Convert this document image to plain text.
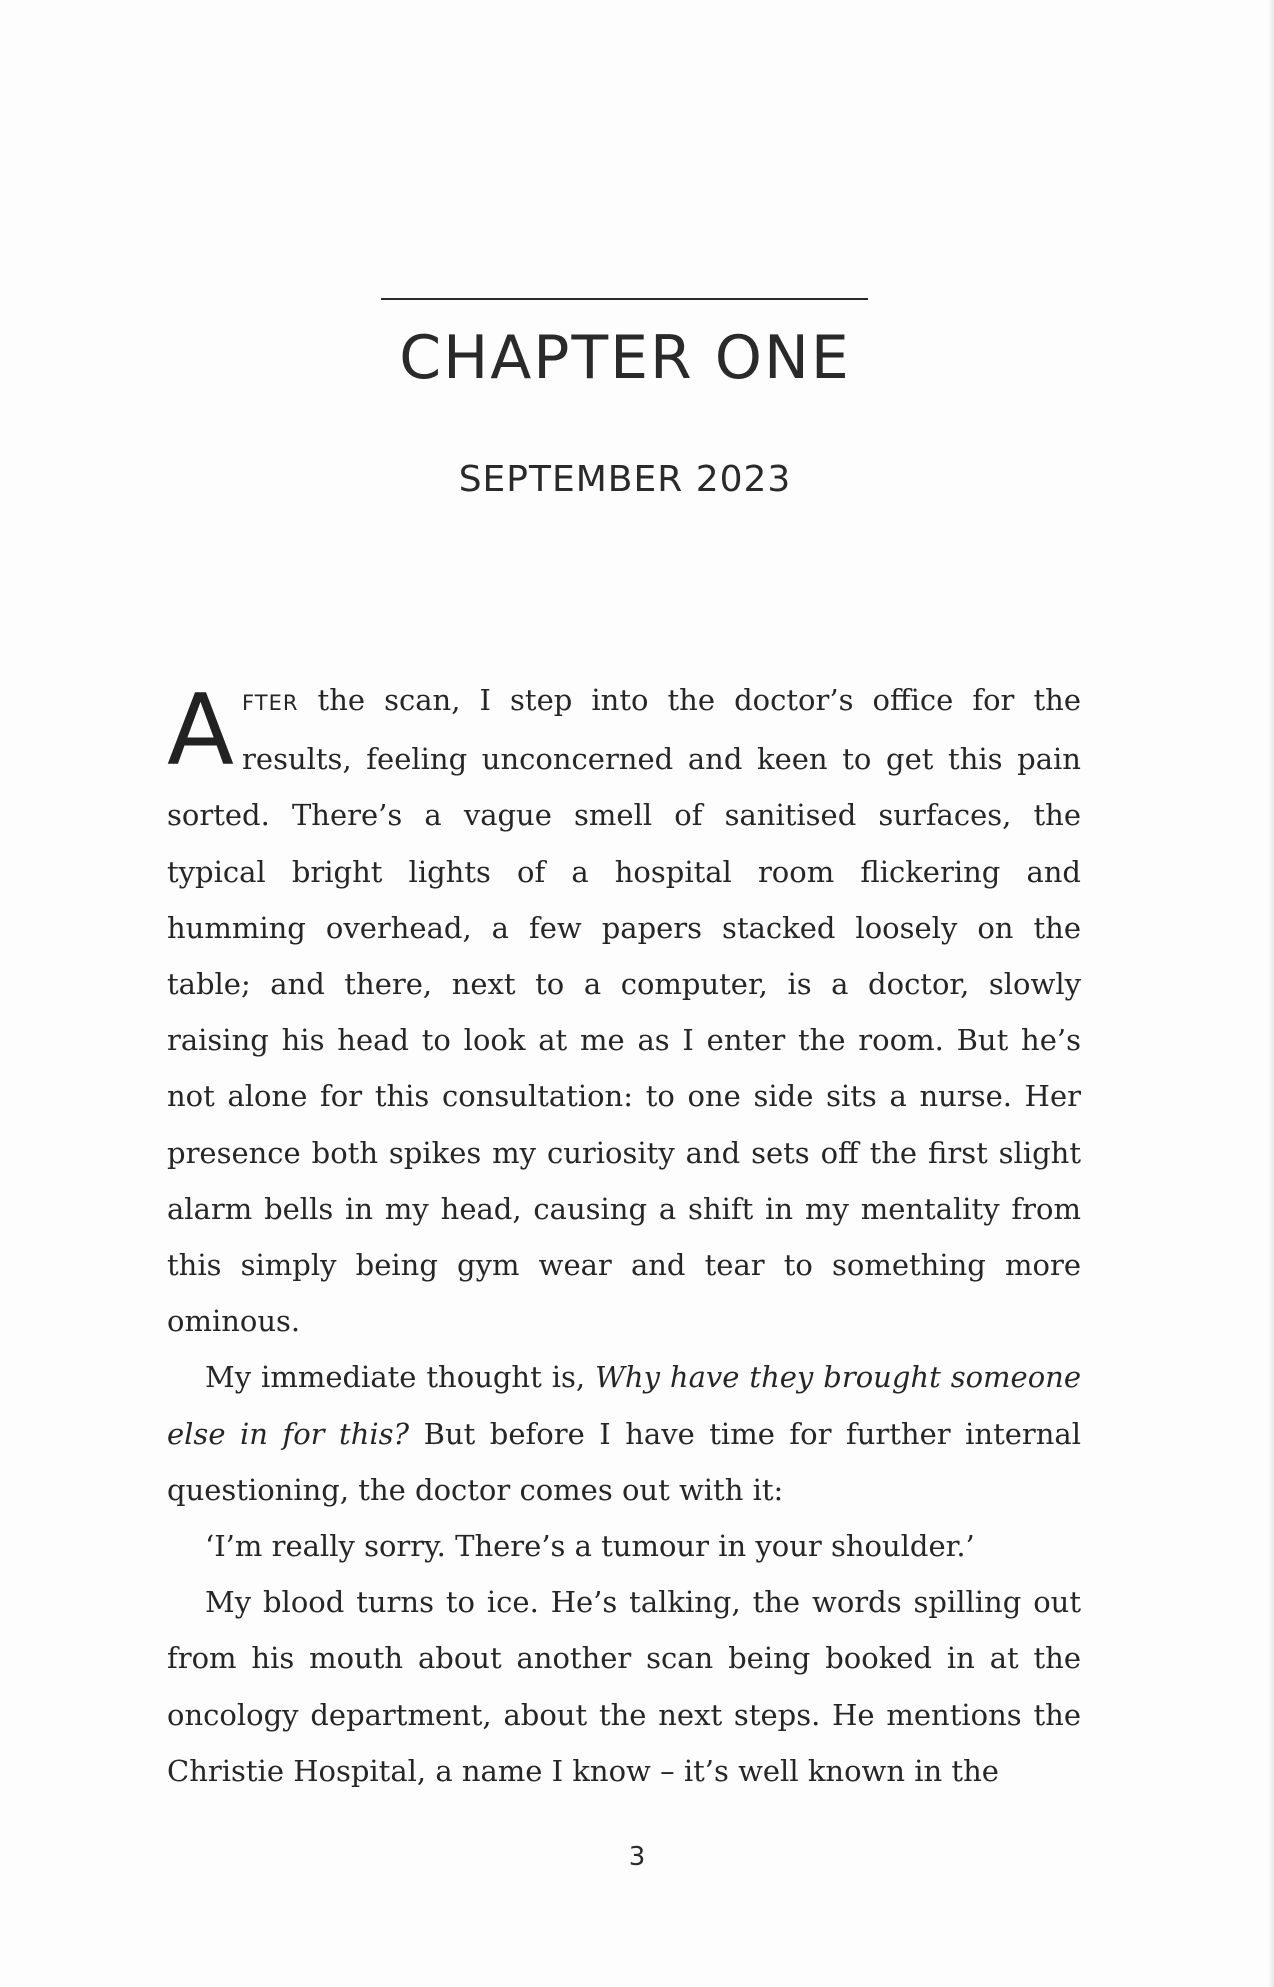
CHAPTER ONE
SEPTEMBER 2023

AFTER the scan, I step into the doctor’s office for the results, feeling unconcerned and keen to get this pain sorted. There’s a vague smell of sanitised surfaces, the typical bright lights of a hospital room flickering and humming overhead, a few papers stacked loosely on the table; and there, next to a computer, is a doctor, slowly raising his head to look at me as I enter the room. But he’s not alone for this consultation: to one side sits a nurse. Her presence both spikes my curiosity and sets off the first slight alarm bells in my head, causing a shift in my mentality from this simply being gym wear and tear to something more ominous.

My immediate thought is, Why have they brought someone else in for this? But before I have time for further internal questioning, the doctor comes out with it:

‘I’m really sorry. There’s a tumour in your shoulder.’

My blood turns to ice. He’s talking, the words spilling out from his mouth about another scan being booked in at the oncology department, about the next steps. He mentions the Christie Hospital, a name I know – it’s well known in the

3
